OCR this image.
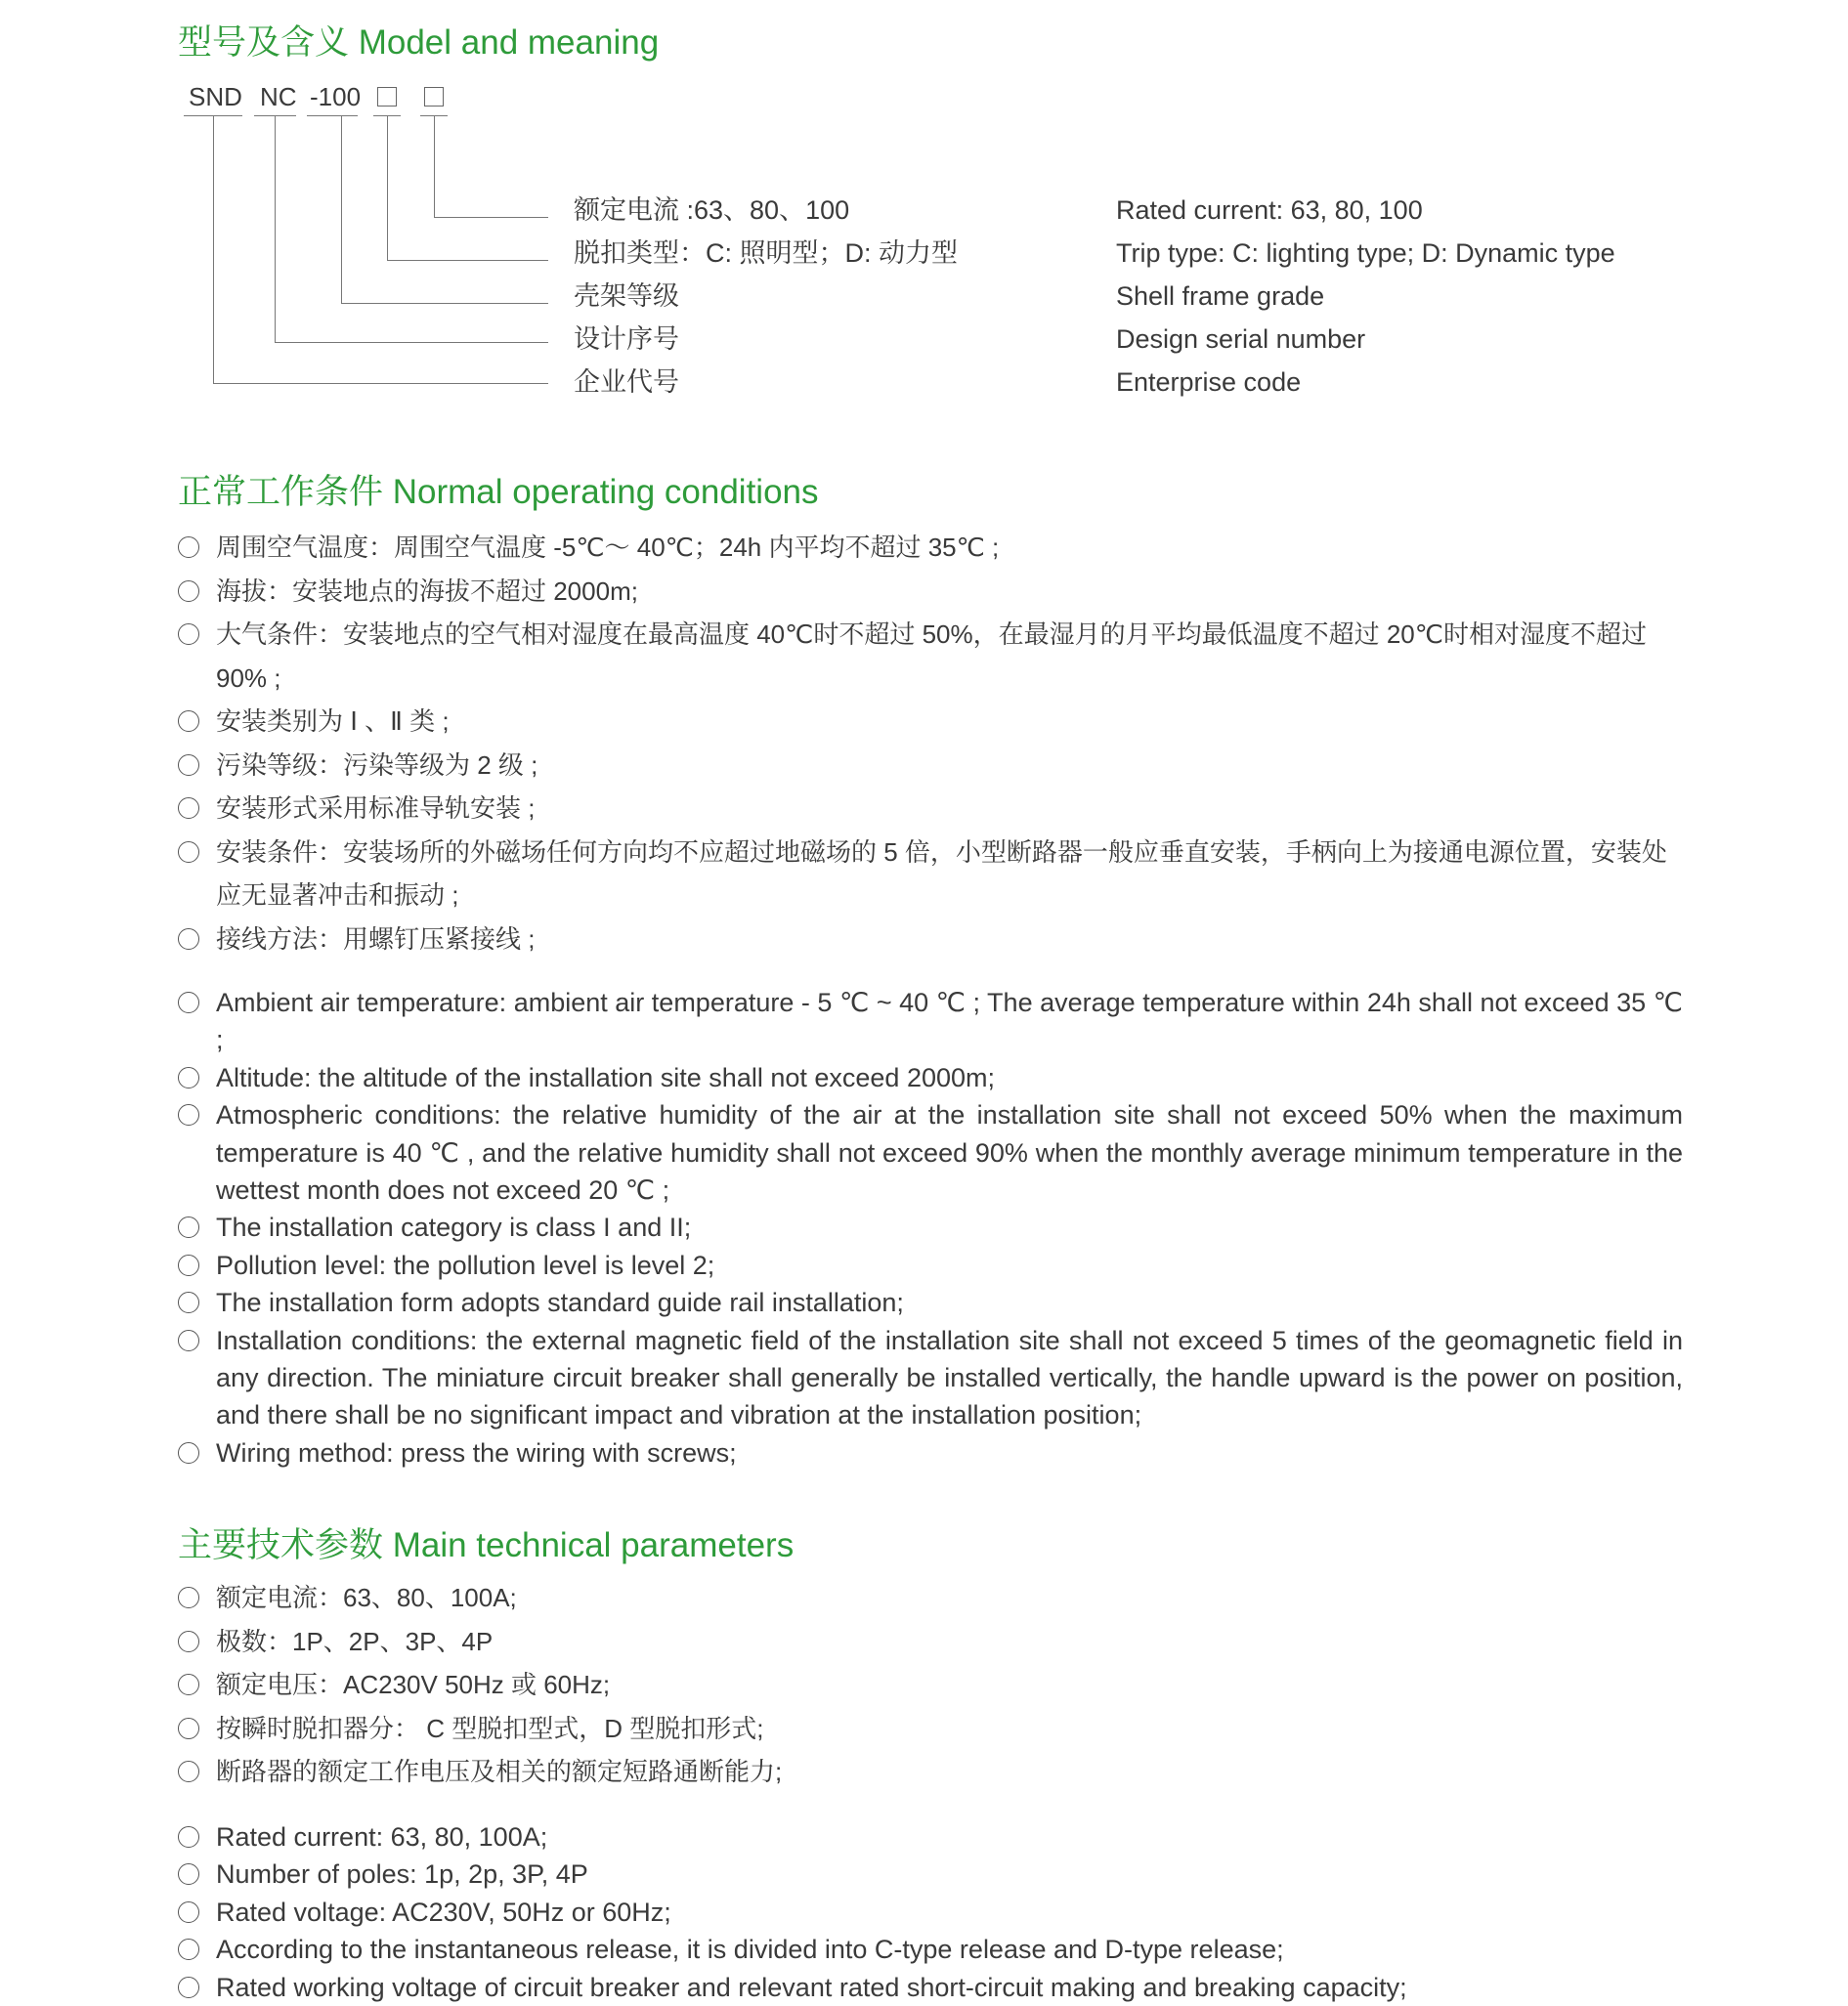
型号及含义 Model and meaning
SND NC -100
额定电流 :63、80、100	Rated current: 63, 80, 100
脱扣类型：C: 照明型；D: 动力型	Trip type: C: lighting type; D: Dynamic type
壳架等级	Shell frame grade
设计序号	Design serial number
企业代号	Enterprise code
正常工作条件 Normal operating conditions
周围空气温度：周围空气温度 -5℃～ 40℃；24h 内平均不超过 35℃ ;
海拔：安装地点的海拔不超过 2000m;
大气条件：安装地点的空气相对湿度在最高温度 40℃时不超过 50%，在最湿月的月平均最低温度不超过 20℃时相对湿度不超过 90% ;
安装类别为 Ⅰ 、Ⅱ 类 ;
污染等级：污染等级为 2 级 ;
安装形式采用标准导轨安装 ;
安装条件：安装场所的外磁场任何方向均不应超过地磁场的 5 倍，小型断路器一般应垂直安装，手柄向上为接通电源位置，安装处应无显著冲击和振动 ;
接线方法：用螺钉压紧接线 ;
Ambient air temperature: ambient air temperature - 5 ℃ ~ 40 ℃ ; The average temperature within 24h shall not exceed 35 ℃ ;
Altitude: the altitude of the installation site shall not exceed 2000m;
Atmospheric conditions: the relative humidity of the air at the installation site shall not exceed 50% when the maximum temperature is 40 ℃ , and the relative humidity shall not exceed 90% when the monthly average minimum temperature in the wettest month does not exceed 20 ℃ ;
The installation category is class I and II;
Pollution level: the pollution level is level 2;
The installation form adopts standard guide rail installation;
Installation conditions: the external magnetic field of the installation site shall not exceed 5 times of the geomagnetic field in any direction. The miniature circuit breaker shall generally be installed vertically, the handle upward is the power on position, and there shall be no significant impact and vibration at the installation position;
Wiring method: press the wiring with screws;
主要技术参数 Main technical parameters
额定电流：63、80、100A;
极数：1P、2P、3P、4P
额定电压：AC230V 50Hz 或 60Hz;
按瞬时脱扣器分： C 型脱扣型式，D 型脱扣形式;
断路器的额定工作电压及相关的额定短路通断能力;
Rated current: 63, 80, 100A;
Number of poles: 1p, 2p, 3P, 4P
Rated voltage: AC230V, 50Hz or 60Hz;
According to the instantaneous release, it is divided into C-type release and D-type release;
Rated working voltage of circuit breaker and relevant rated short-circuit making and breaking capacity;
